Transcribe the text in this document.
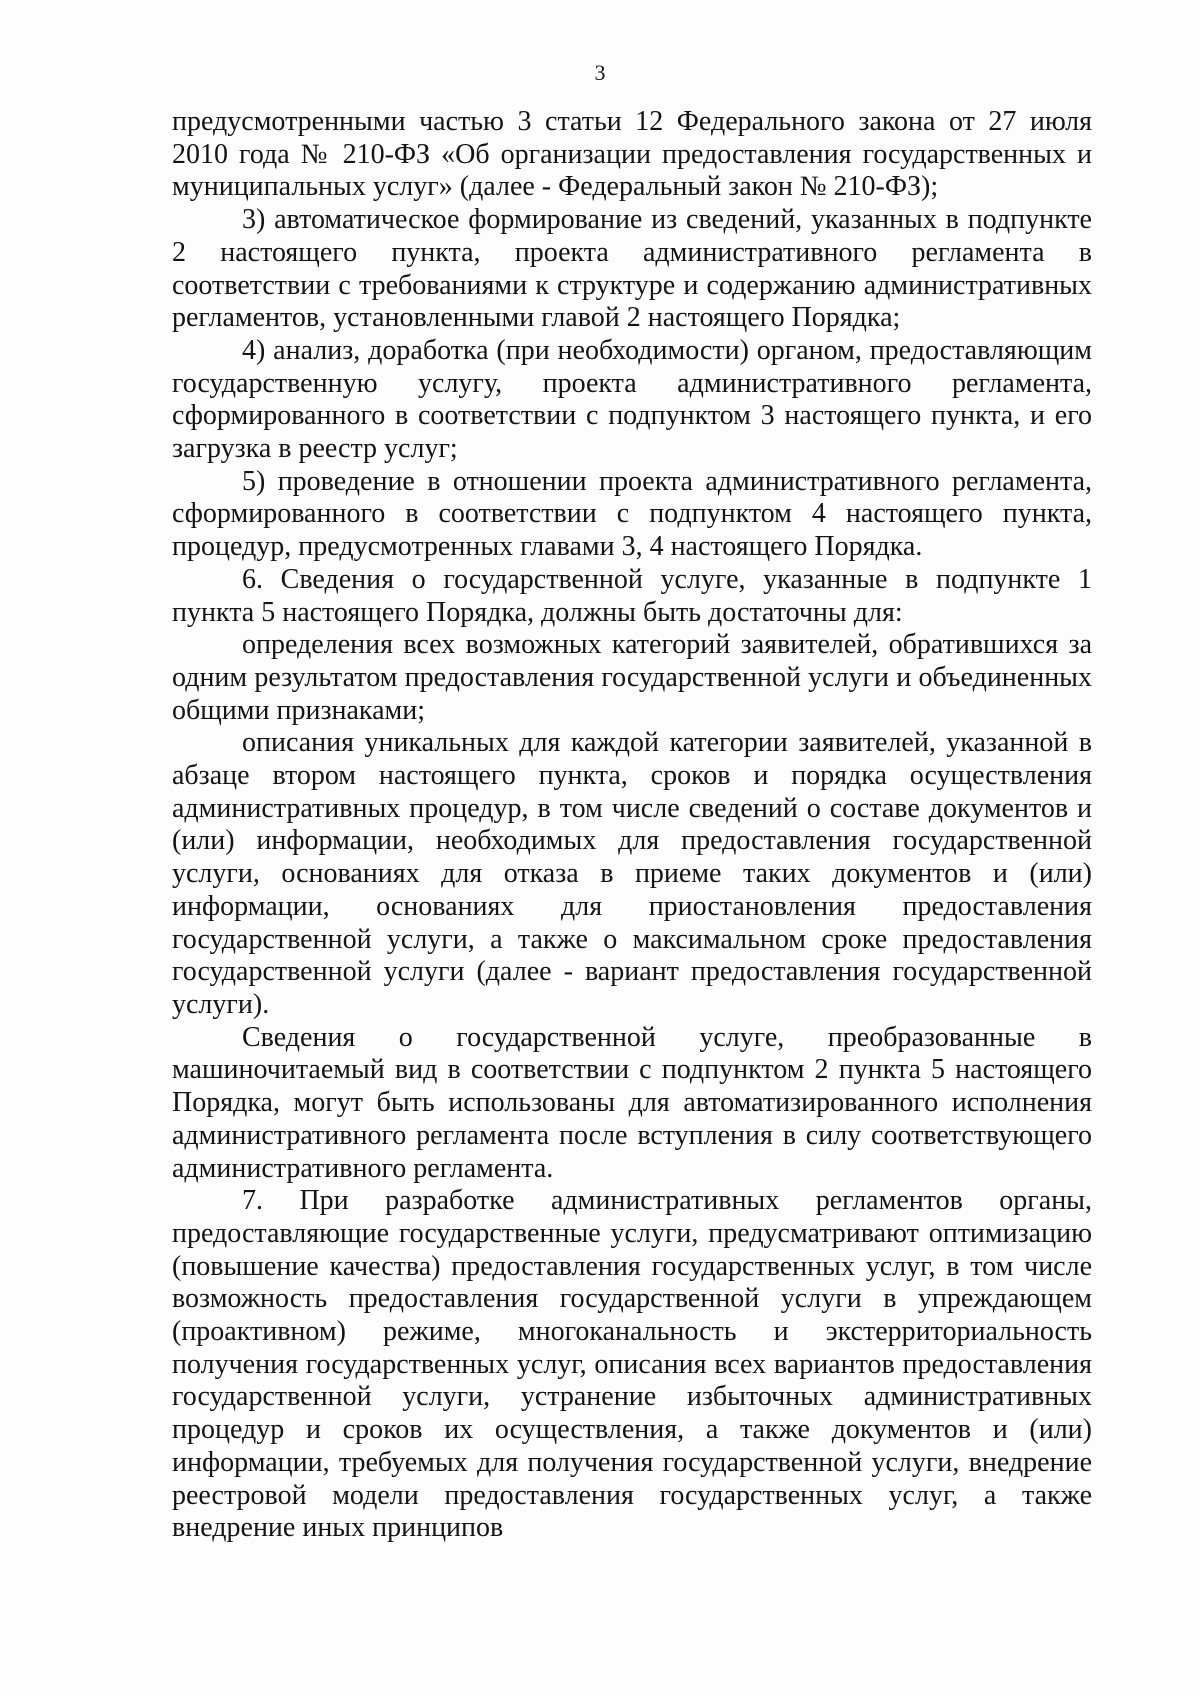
3

предусмотренными частью 3 статьи 12 Федерального закона от 27 июля 2010 года № 210-ФЗ «Об организации предоставления государственных и муниципальных услуг» (далее - Федеральный закон № 210-ФЗ);

3) автоматическое формирование из сведений, указанных в подпункте 2 настоящего пункта, проекта административного регламента в соответствии с требованиями к структуре и содержанию административных регламентов, установленными главой 2 настоящего Порядка;

4) анализ, доработка (при необходимости) органом, предоставляющим государственную услугу, проекта административного регламента, сформированного в соответствии с подпунктом 3 настоящего пункта, и его загрузка в реестр услуг;

5) проведение в отношении проекта административного регламента, сформированного в соответствии с подпунктом 4 настоящего пункта, процедур, предусмотренных главами 3, 4 настоящего Порядка.

6. Сведения о государственной услуге, указанные в подпункте 1 пункта 5 настоящего Порядка, должны быть достаточны для:

определения всех возможных категорий заявителей, обратившихся за одним результатом предоставления государственной услуги и объединенных общими признаками;

описания уникальных для каждой категории заявителей, указанной в абзаце втором настоящего пункта, сроков и порядка осуществления административных процедур, в том числе сведений о составе документов и (или) информации, необходимых для предоставления государственной услуги, основаниях для отказа в приеме таких документов и (или) информации, основаниях для приостановления предоставления государственной услуги, а также о максимальном сроке предоставления государственной услуги (далее - вариант предоставления государственной услуги).

Сведения о государственной услуге, преобразованные в машиночитаемый вид в соответствии с подпунктом 2 пункта 5 настоящего Порядка, могут быть использованы для автоматизированного исполнения административного регламента после вступления в силу соответствующего административного регламента.

7. При разработке административных регламентов органы, предоставляющие государственные услуги, предусматривают оптимизацию (повышение качества) предоставления государственных услуг, в том числе возможность предоставления государственной услуги в упреждающем (проактивном) режиме, многоканальность и экстерриториальность получения государственных услуг, описания всех вариантов предоставления государственной услуги, устранение избыточных административных процедур и сроков их осуществления, а также документов и (или) информации, требуемых для получения государственной услуги, внедрение реестровой модели предоставления государственных услуг, а также внедрение иных принципов
